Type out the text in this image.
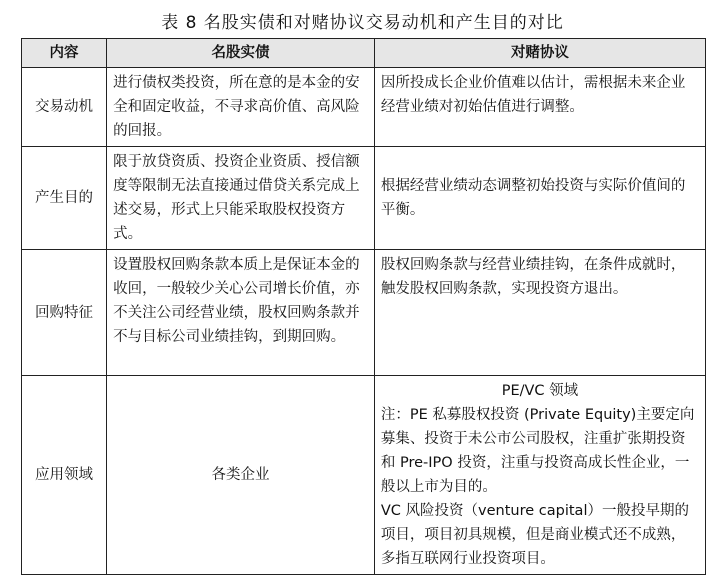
表 8 名股实债和对赌协议交易动机和产生目的对比
内容	名股实债	对赌协议
交易动机	进行债权类投资，所在意的是本金的安全和固定收益，不寻求高价值、高风险的回报。	因所投成长企业价值难以估计，需根据未来企业经营业绩对初始估值进行调整。
产生目的	限于放贷资质、投资企业资质、授信额度等限制无法直接通过借贷关系完成上述交易，形式上只能采取股权投资方式。	根据经营业绩动态调整初始投资与实际价值间的平衡。
回购特征	设置股权回购条款本质上是保证本金的收回，一般较少关心公司增长价值，亦不关注公司经营业绩，股权回购条款并不与目标公司业绩挂钩，到期回购。	股权回购条款与经营业绩挂钩，在条件成就时，触发股权回购条款，实现投资方退出。
应用领域	各类企业	PE/VC 领域
注：PE 私募股权投资 (Private Equity)主要定向募集、投资于未公市公司股权，注重扩张期投资和 Pre-IPO 投资，注重与投资高成长性企业，一般以上市为目的。
VC 风险投资（venture capital）一般投早期的项目，项目初具规模，但是商业模式还不成熟，多指互联网行业投资项目。
